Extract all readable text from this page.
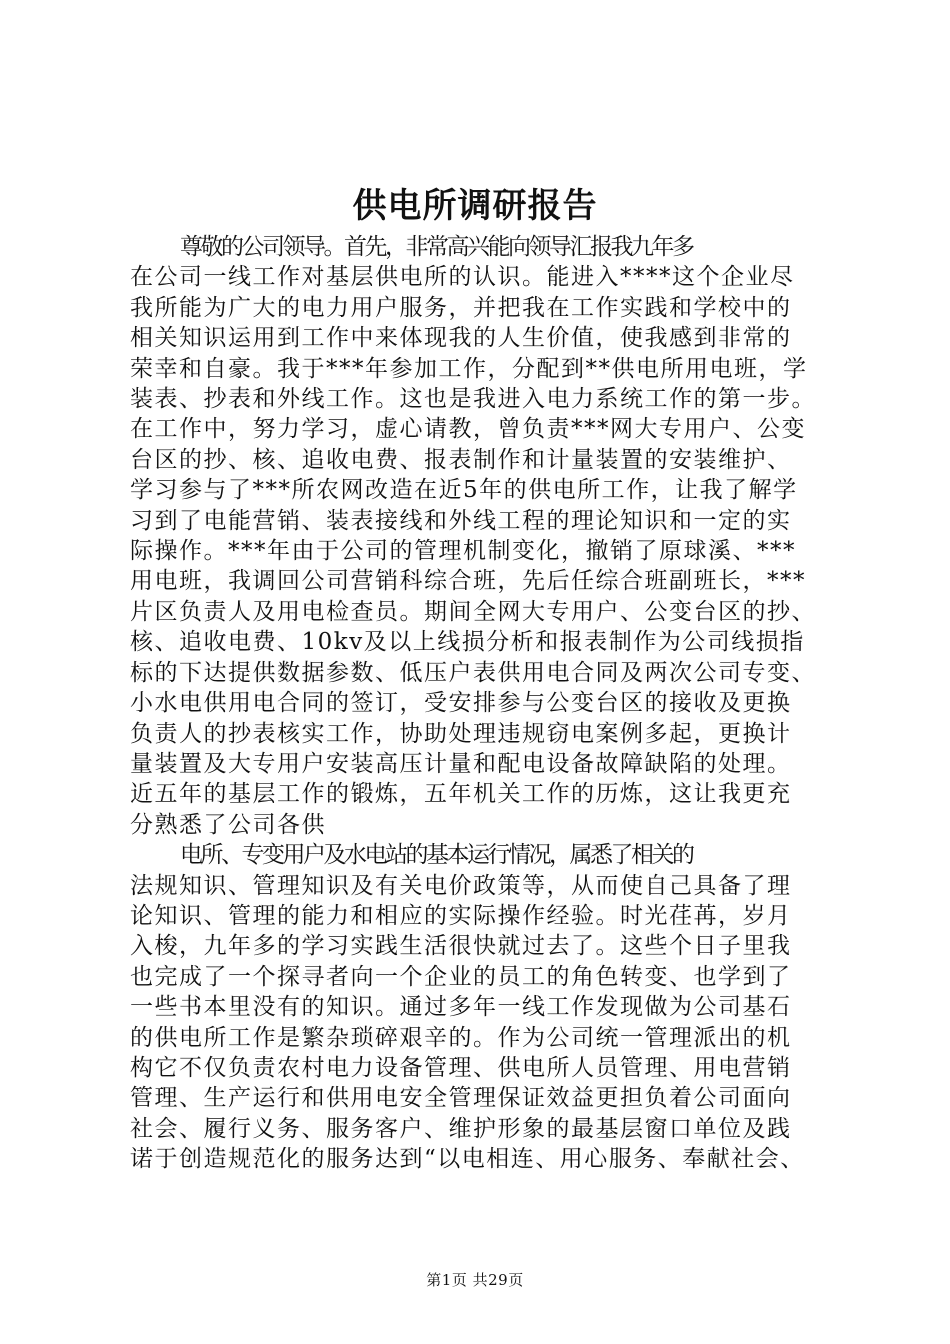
供电所调研报告

尊敬的公司领导。首先，非常高兴能向领导汇报我九年多
在公司一线工作对基层供电所的认识。能进入****这个企业尽
我所能为广大的电力用户服务，并把我在工作实践和学校中的
相关知识运用到工作中来体现我的人生价值，使我感到非常的
荣幸和自豪。我于***年参加工作，分配到**供电所用电班，学
装表、抄表和外线工作。这也是我进入电力系统工作的第一步。
在工作中，努力学习，虚心请教，曾负责***网大专用户、公变
台区的抄、核、追收电费、报表制作和计量装置的安装维护、
学习参与了***所农网改造在近5年的供电所工作，让我了解学
习到了电能营销、装表接线和外线工程的理论知识和一定的实
际操作。***年由于公司的管理机制变化，撤销了原球溪、***
用电班，我调回公司营销科综合班，先后任综合班副班长，***
片区负责人及用电检查员。期间全网大专用户、公变台区的抄、
核、追收电费、10kv及以上线损分析和报表制作为公司线损指
标的下达提供数据参数、低压户表供用电合同及两次公司专变、
小水电供用电合同的签订，受安排参与公变台区的接收及更换
负责人的抄表核实工作，协助处理违规窃电案例多起，更换计
量装置及大专用户安装高压计量和配电设备故障缺陷的处理。
近五年的基层工作的锻炼，五年机关工作的历炼，这让我更充
分熟悉了公司各供

电所、专变用户及水电站的基本运行情况，属悉了相关的
法规知识、管理知识及有关电价政策等，从而使自己具备了理
论知识、管理的能力和相应的实际操作经验。时光荏苒，岁月
入梭，九年多的学习实践生活很快就过去了。这些个日子里我
也完成了一个探寻者向一个企业的员工的角色转变、也学到了
一些书本里没有的知识。通过多年一线工作发现做为公司基石
的供电所工作是繁杂琐碎艰辛的。作为公司统一管理派出的机
构它不仅负责农村电力设备管理、供电所人员管理、用电营销
管理、生产运行和供用电安全管理保证效益更担负着公司面向
社会、履行义务、服务客户、维护形象的最基层窗口单位及践
诺于创造规范化的服务达到“以电相连、用心服务、奉献社会、

第1页 共29页
